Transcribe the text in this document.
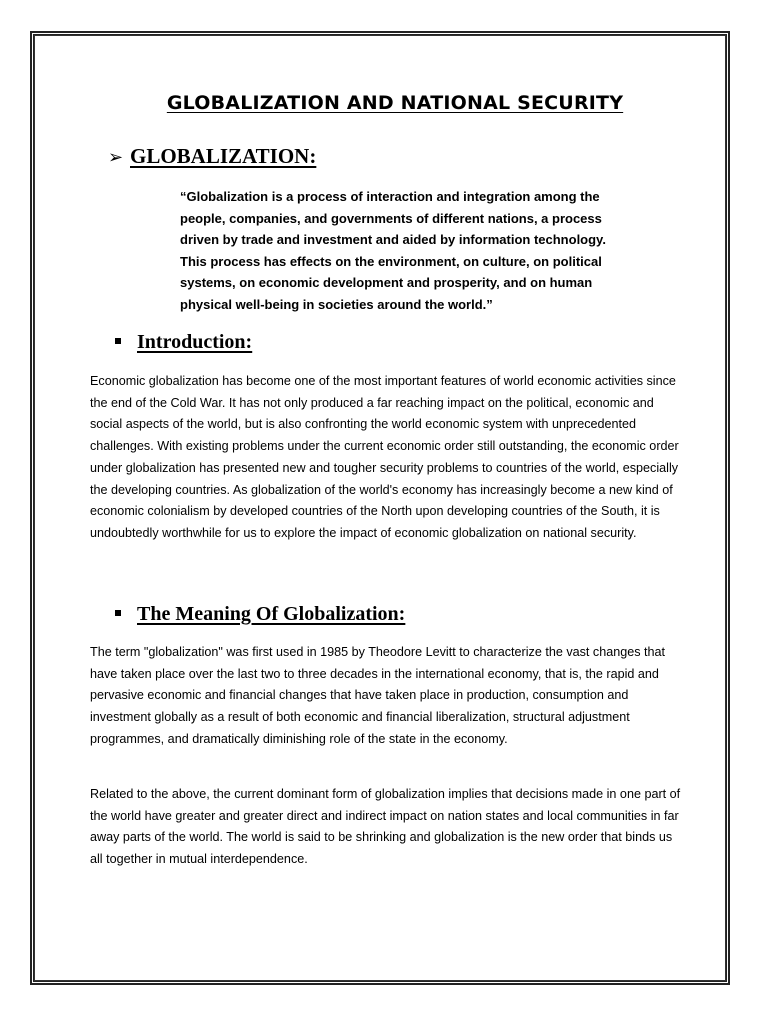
GLOBALIZATION AND NATIONAL SECURITY
➢ GLOBALIZATION:
“Globalization is a process of interaction and integration among the people, companies, and governments of different nations, a process driven by trade and investment and aided by information technology. This process has effects on the environment, on culture, on political systems, on economic development and prosperity, and on human physical well-being in societies around the world.”
Introduction:
Economic globalization has become one of the most important features of world economic activities since the end of the Cold War. It has not only produced a far reaching impact on the political, economic and social aspects of the world, but is also confronting the world economic system with unprecedented challenges. With existing problems under the current economic order still outstanding, the economic order under globalization has presented new and tougher security problems to countries of the world, especially the developing countries. As globalization of the world's economy has increasingly become a new kind of economic colonialism by developed countries of the North upon developing countries of the South, it is undoubtedly worthwhile for us to explore the impact of economic globalization on national security.
The Meaning Of Globalization:
The term "globalization" was first used in 1985 by Theodore Levitt to characterize the vast changes that have taken place over the last two to three decades in the international economy, that is, the rapid and pervasive economic and financial changes that have taken place in production, consumption and investment globally as a result of both economic and financial liberalization, structural adjustment programmes, and dramatically diminishing role of the state in the economy.
Related to the above, the current dominant form of globalization implies that decisions made in one part of the world have greater and greater direct and indirect impact on nation states and local communities in far away parts of the world. The world is said to be shrinking and globalization is the new order that binds us all together in mutual interdependence.
